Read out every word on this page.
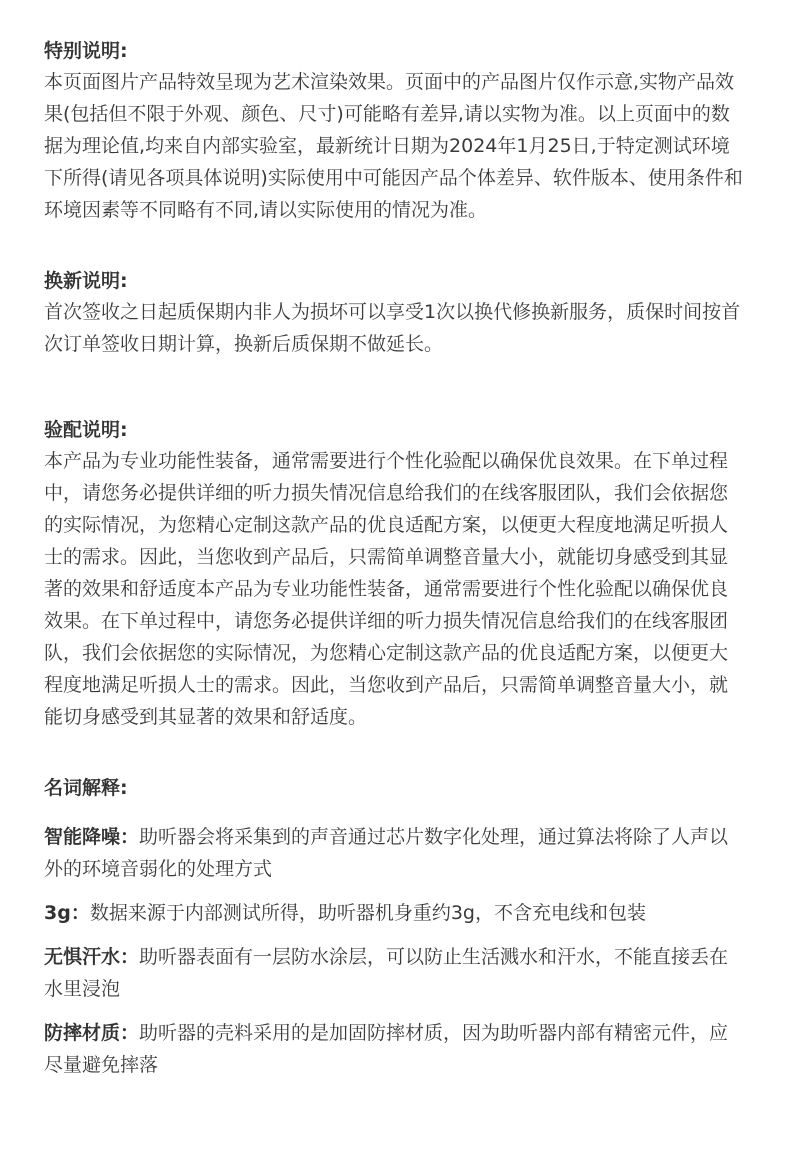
特别说明:

本页面图片产品特效呈现为艺术渲染效果。页面中的产品图片仅作示意,实物产品效果(包括但不限于外观、颜色、尺寸)可能略有差异,请以实物为准。以上页面中的数据为理论值,均来自内部实验室，最新统计日期为2024年1月25日,于特定测试环境下所得(请见各项具体说明)实际使用中可能因产品个体差异、软件版本、使用条件和环境因素等不同略有不同,请以实际使用的情况为准。

换新说明:

首次签收之日起质保期内非人为损坏可以享受1次以换代修换新服务，质保时间按首次订单签收日期计算，换新后质保期不做延长。

验配说明:

本产品为专业功能性装备，通常需要进行个性化验配以确保优良效果。在下单过程中，请您务必提供详细的听力损失情况信息给我们的在线客服团队，我们会依据您的实际情况，为您精心定制这款产品的优良适配方案，以便更大程度地满足听损人士的需求。因此，当您收到产品后，只需简单调整音量大小，就能切身感受到其显著的效果和舒适度本产品为专业功能性装备，通常需要进行个性化验配以确保优良效果。在下单过程中，请您务必提供详细的听力损失情况信息给我们的在线客服团队，我们会依据您的实际情况，为您精心定制这款产品的优良适配方案，以便更大程度地满足听损人士的需求。因此，当您收到产品后，只需简单调整音量大小，就能切身感受到其显著的效果和舒适度。

名词解释:

智能降噪：助听器会将采集到的声音通过芯片数字化处理，通过算法将除了人声以外的环境音弱化的处理方式

3g：数据来源于内部测试所得，助听器机身重约3g，不含充电线和包装

无惧汗水：助听器表面有一层防水涂层，可以防止生活溅水和汗水，不能直接丢在水里浸泡

防摔材质：助听器的壳料采用的是加固防摔材质，因为助听器内部有精密元件，应尽量避免摔落
